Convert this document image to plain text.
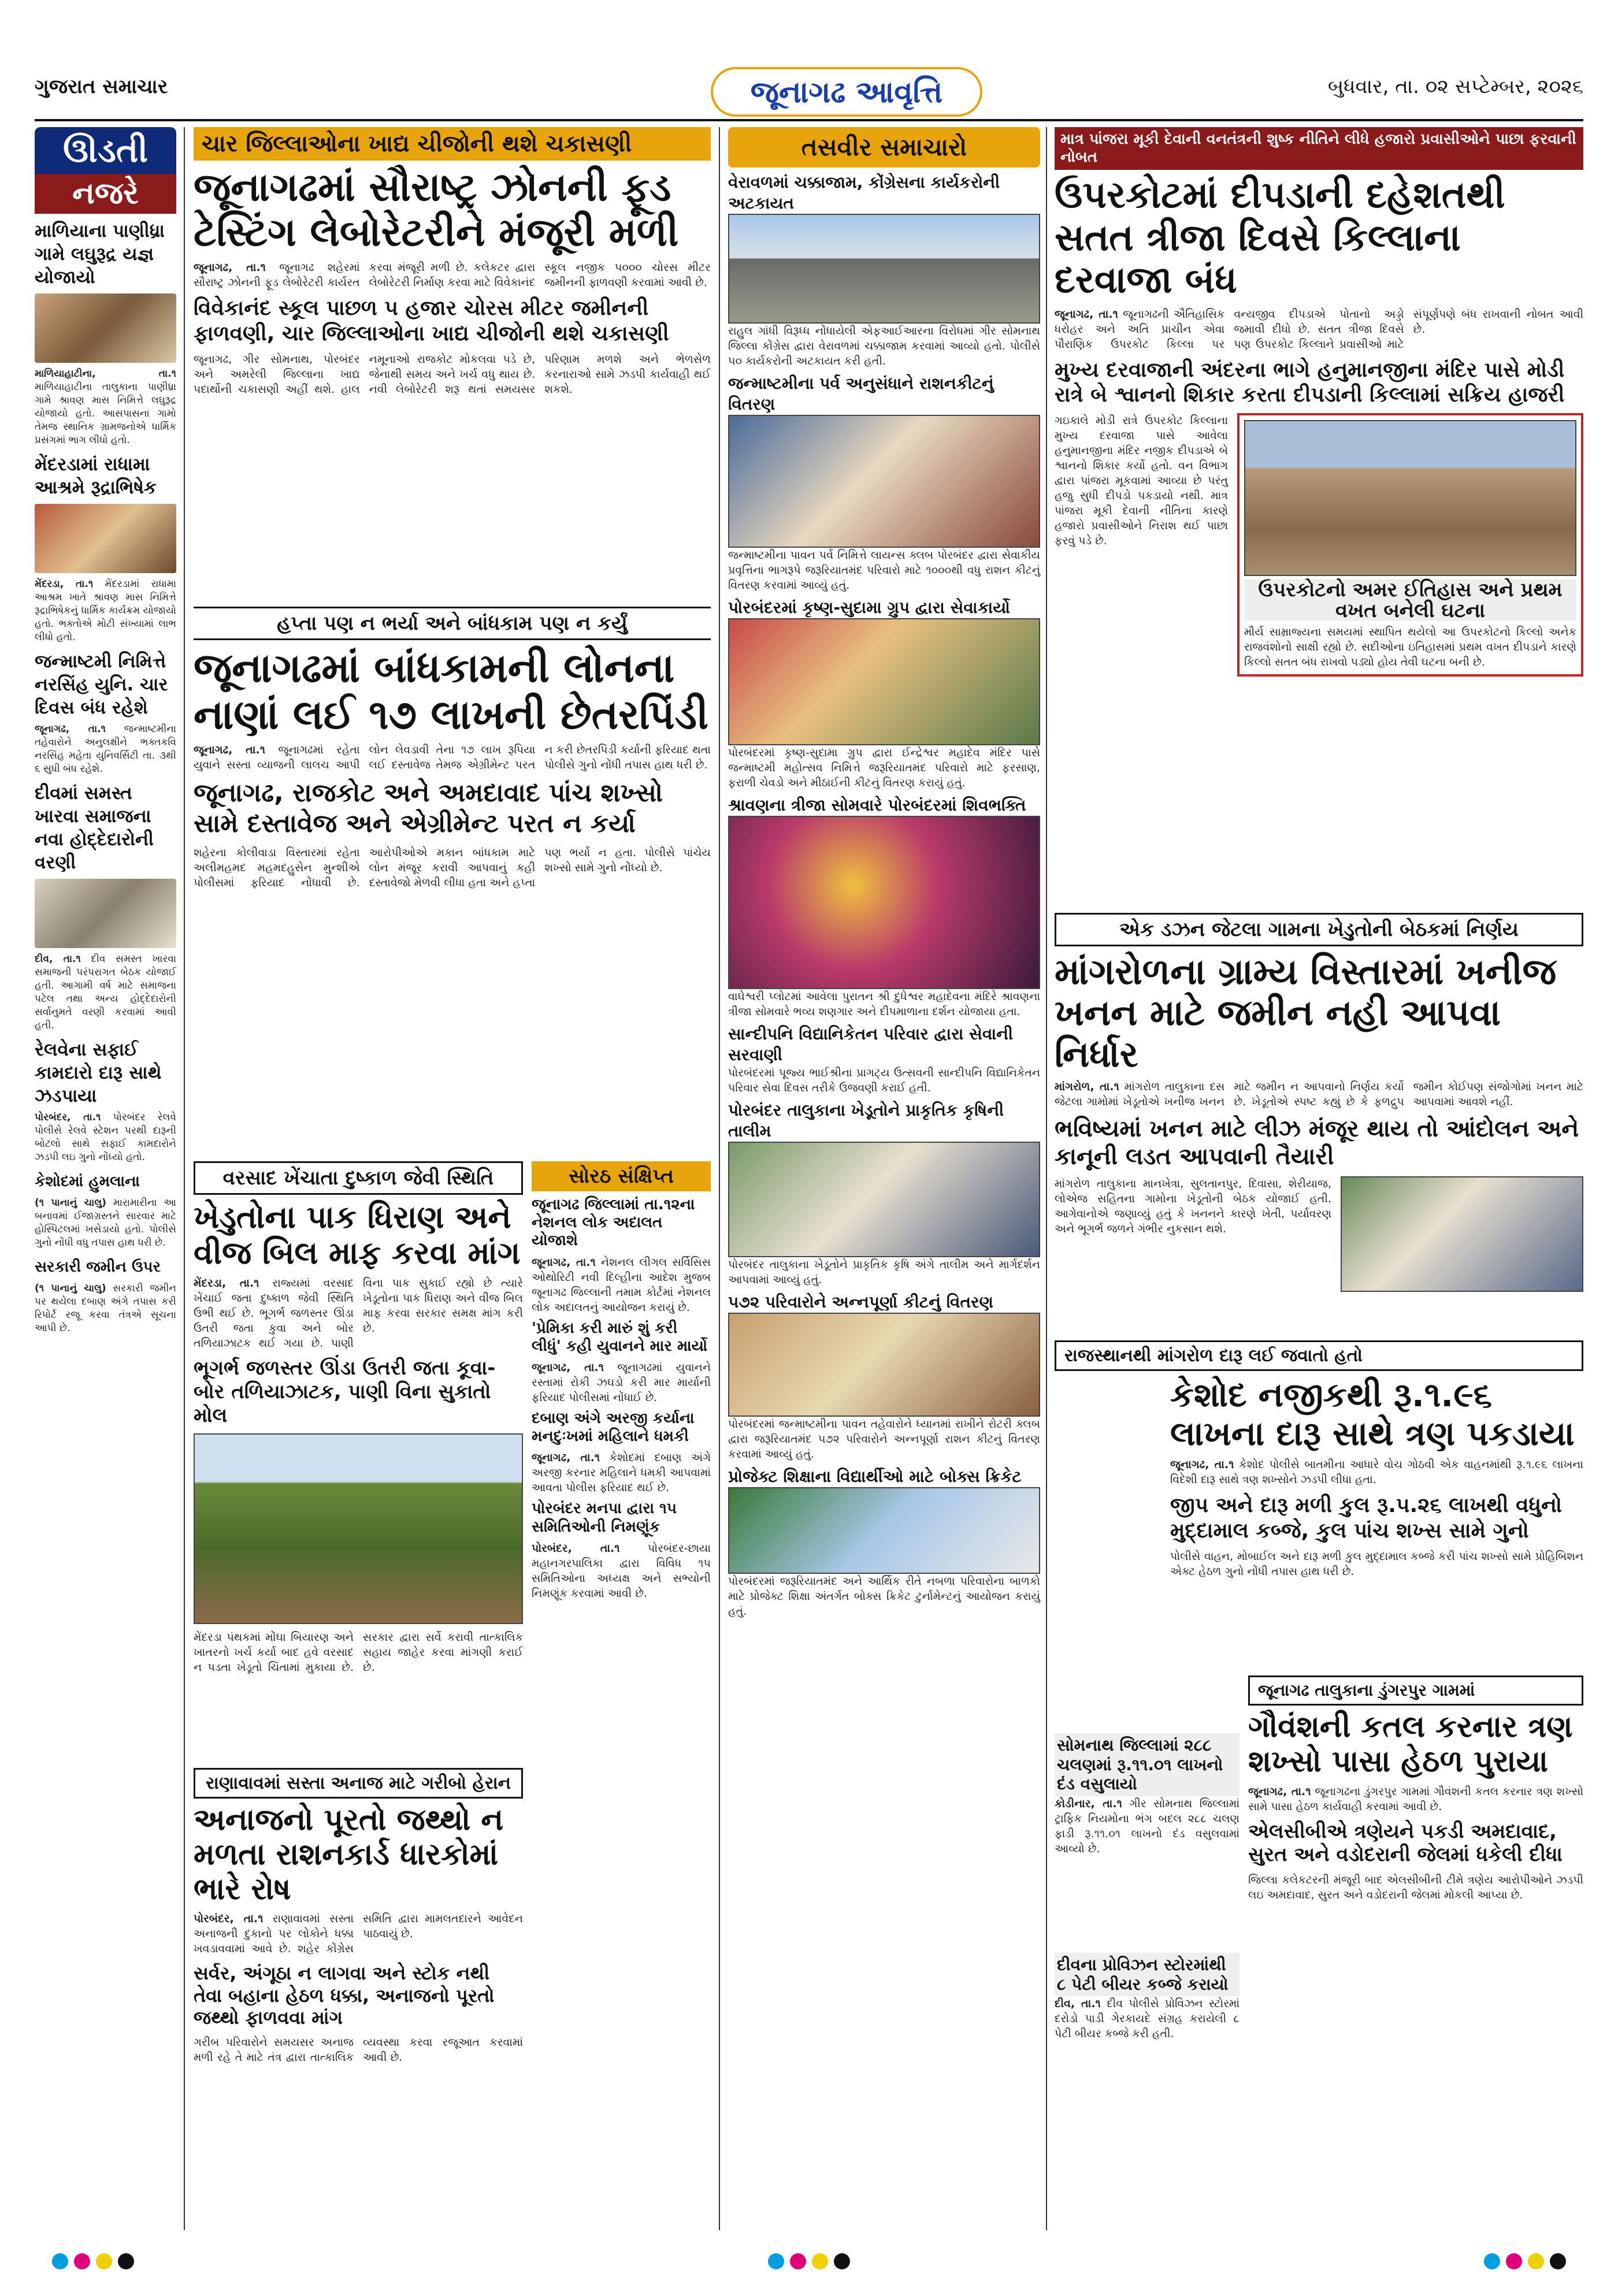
ગુજરાત સમાચાર	જૂનાગઢ આવૃત્તિ	બુધવાર, તા. ૦૨ સપ્ટેમ્બર, ૨૦૨૬
ઊડતી
નજરે
માળિયાના પાણીધ્રા ગામે લઘુરૂદ્ર યજ્ઞ યોજાયો
માળિયાહાટીના, તા.૧ માળિયાહાટીના તાલુકાના પાણીધ્રા ગામે શ્રાવણ માસ નિમિત્તે લઘુરૂદ્ર યોજાયો હતો. આસપાસના ગામો તેમજ સ્થાનિક ગ્રામજનોએ ધાર્મિક પ્રસંગમાં ભાગ લીધો હતો.
મેંદરડામાં રાધામા આશ્રમે રૂદ્રાભિષેક
મેંદરડા, તા.૧ મેંદરડામાં રાધામા આશ્રમ ખાતે શ્રાવણ માસ નિમિત્તે રૂદ્રાભિષેકનું ધાર્મિક કાર્યક્રમ યોજાયો હતો. ભક્તોએ મોટી સંખ્યામાં લાભ લીધો હતો.
જન્માષ્ટમી નિમિત્તે નરસિંહ યુનિ. ચાર દિવસ બંધ રહેશે
જૂનાગઢ, તા.૧ જન્માષ્ટમીના તહેવારોને અનુલક્ષીને ભક્તકવિ નરસિંહ મહેતા યુનિવર્સિટી તા. ૩થી ૬ સુધી બંધ રહેશે.
દીવમાં સમસ્ત ખારવા સમાજના નવા હોદ્દેદારોની વરણી
દીવ, તા.૧ દીવ સમસ્ત ખારવા સમાજની પરંપરાગત બેઠક યોજાઈ હતી. આગામી વર્ષ માટે સમાજના પટેલ તથા અન્ય હોદ્દેદારોની સર્વાનુમતે વરણી કરવામાં આવી હતી.
રેલવેના સફાઈ કામદારો દારૂ સાથે ઝડપાયા
પોરબંદર, તા.૧ પોરબંદર રેલવે પોલીસે રેલવે સ્ટેશન પરથી દારૂની બોટલો સાથે સફાઈ કામદારોને ઝડપી લઇ ગુનો નોંધ્યો હતો.
કેશોદમાં હુમલાના
(૧ પાનાનું ચાલુ) મારામારીના આ બનાવમાં ઈજાગ્રસ્તને સારવાર માટે હોસ્પિટલમાં ખસેડાયો હતો. પોલીસે ગુનો નોંધી વધુ તપાસ હાથ ધરી છે.
સરકારી જમીન ઉપર
(૧ પાનાનું ચાલુ) સરકારી જમીન પર થયેલા દબાણ અંગે તપાસ કરી રિપોર્ટ રજૂ કરવા તંત્રએ સૂચના આપી છે.
ચાર જિલ્લાઓના ખાદ્ય ચીજોની થશે ચકાસણી
જૂનાગઢમાં સૌરાષ્ટ્ર ઝોનની ફૂડ ટેસ્ટિંગ લેબોરેટરીને મંજૂરી મળી
જૂનાગઢ, તા.૧ જૂનાગઢ શહેરમાં સૌરાષ્ટ્ર ઝોનની ફૂડ લેબોરેટરી કાર્યરત કરવા મંજૂરી મળી છે. કલેકટર દ્વારા લેબોરેટરી નિર્માણ કરવા માટે વિવેકાનંદ સ્કૂલ નજીક ૫૦૦૦ ચોરસ મીટર જમીનની ફાળવણી કરવામાં આવી છે.
વિવેકાનંદ સ્કૂલ પાછળ ૫ હજાર ચોરસ મીટર જમીનની ફાળવણી, ચાર જિલ્લાઓના ખાદ્ય ચીજોની થશે ચકાસણી
જૂનાગઢ, ગીર સોમનાથ, પોરબંદર અને અમરેલી જિલ્લાના ખાદ્ય પદાર્થોની ચકાસણી અહીં થશે. હાલ નમૂનાઓ રાજકોટ મોકલવા પડે છે, જેનાથી સમય અને ખર્ચ વધુ થાય છે. નવી લેબોરેટરી શરૂ થતાં સમયસર પરિણામ મળશે અને ભેળસેળ કરનારાઓ સામે ઝડપી કાર્યવાહી થઈ શકશે.
હપ્તા પણ ન ભર્યા અને બાંધકામ પણ ન કર્યું
જૂનાગઢમાં બાંધકામની લોનના નાણાં લઈ ૧૭ લાખની છેતરપિંડી
જૂનાગઢ, તા.૧ જૂનાગઢમાં રહેતા યુવાને સસ્તા વ્યાજની લાલચ આપી લોન લેવડાવી તેના ૧૭ લાખ રૂપિયા લઈ દસ્તાવેજ તેમજ એગ્રીમેન્ટ પરત ન કરી છેતરપિંડી કર્યાની ફરિયાદ થતા પોલીસે ગુનો નોંધી તપાસ હાથ ધરી છે.
જૂનાગઢ, રાજકોટ અને અમદાવાદ પાંચ શખ્સો સામે દસ્તાવેજ અને એગ્રીમેન્ટ પરત ન કર્યા
શહેરના કોલીવાડા વિસ્તારમાં રહેતા અલીમહમદ મહમદહુસેન મુન્શીએ પોલીસમાં ફરિયાદ નોંધાવી છે. આરોપીઓએ મકાન બાંધકામ માટે લોન મંજૂર કરાવી આપવાનું કહી દસ્તાવેજો મેળવી લીધા હતા અને હપ્તા પણ ભર્યા ન હતા. પોલીસે પાંચેય શખ્સો સામે ગુનો નોંધ્યો છે.
વરસાદ ખેંચાતા દુષ્કાળ જેવી સ્થિતિ
ખેડુતોના પાક ધિરાણ અને વીજ બિલ માફ કરવા માંગ
મેંદરડા, તા.૧ રાજ્યમાં વરસાદ ખેંચાઈ જતા દુષ્કાળ જેવી સ્થિતિ ઉભી થઈ છે. ભૂગર્ભ જળસ્તર ઊંડા ઉતરી જતા કુવા અને બોર તળિયાઝાટક થઈ ગયા છે. પાણી વિના પાક સુકાઈ રહ્યો છે ત્યારે ખેડૂતોના પાક ધિરાણ અને વીજ બિલ માફ કરવા સરકાર સમક્ષ માંગ કરી છે.
ભૂગર્ભ જળસ્તર ઊંડા ઉતરી જતા કૂવા-બોર તળિયાઝાટક, પાણી વિના સુકાતો મોલ
મેંદરડા પંથકમાં મોંઘા બિયારણ અને ખાતરનો ખર્ચ કર્યા બાદ હવે વરસાદ ન પડતા ખેડૂતો ચિંતામાં મુકાયા છે. સરકાર દ્વારા સર્વે કરાવી તાત્કાલિક સહાય જાહેર કરવા માંગણી કરાઈ છે.
સોરઠ સંક્ષિપ્ત
જૂનાગઢ જિલ્લામાં તા.૧૨ના નેશનલ લોક અદાલત યોજાશે
જૂનાગઢ, તા.૧ નેશનલ લીગલ સર્વિસિસ ઓથોરિટી નવી દિલ્હીના આદેશ મુજબ જૂનાગઢ જિલ્લાની તમામ કોર્ટમાં નેશનલ લોક અદાલતનું આયોજન કરાયું છે.
'પ્રેમિકા કરી મારું શું કરી લીધું' કહી યુવાનને માર માર્યો
જૂનાગઢ, તા.૧ જૂનાગઢમાં યુવાનને રસ્તામાં રોકી ઝઘડો કરી માર માર્યાની ફરિયાદ પોલીસમાં નોંધાઈ છે.
દબાણ અંગે અરજી કર્યાના મનદુઃખમાં મહિલાને ધમકી
જૂનાગઢ, તા.૧ કેશોદમાં દબાણ અંગે અરજી કરનાર મહિલાને ધમકી આપવામાં આવતા પોલીસ ફરિયાદ થઈ છે.
પોરબંદર મનપા દ્વારા ૧૫ સમિતિઓની નિમણૂંક
પોરબંદર, તા.૧	પોરબંદર-છાયા મહાનગરપાલિકા દ્વારા વિવિધ ૧૫ સમિતિઓના અધ્યક્ષ અને સભ્યોની નિમણૂંક કરવામાં આવી છે.
રાણાવાવમાં સસ્તા અનાજ માટે ગરીબો હેરાન
અનાજનો પૂરતો જથ્થો ન મળતા રાશનકાર્ડ ધારકોમાં ભારે રોષ
પોરબંદર, તા.૧ રાણાવાવમાં સસ્તા અનાજની દુકાનો પર લોકોને ધક્કા ખવડાવવામાં આવે છે. શહેર કોંગ્રેસ સમિતિ દ્વારા મામલતદારને આવેદન પાઠવાયું છે.
સર્વર, અંગૂઠા ન લાગવા અને સ્ટોક નથી તેવા બહાના હેઠળ ધક્કા, અનાજનો પૂરતો જથ્થો ફાળવવા માંગ
ગરીબ પરિવારોને સમયસર અનાજ મળી રહે તે માટે તંત્ર દ્વારા તાત્કાલિક વ્યવસ્થા કરવા રજૂઆત કરવામાં આવી છે.
તસવીર સમાચારો
વેરાવળમાં ચક્કાજામ, કોંગ્રેસના કાર્યકરોની અટકાયત
રાહુલ ગાંધી વિરૂધ્ધ નોંધાયેલી એફઆઈઆરના વિરોધમાં ગીર સોમનાથ જિલ્લા કોંગ્રેસ દ્વારા વેરાવળમાં ચક્કાજામ કરવામાં આવ્યો હતો. પોલીસે ૫૦ કાર્યકરોની અટકાયત કરી હતી.
જન્માષ્ટમીના પર્વ અનુસંધાને રાશનકીટનું વિતરણ
જન્માષ્ટમીના પાવન પર્વ નિમિત્તે લાયન્સ ક્લબ પોરબંદર દ્વારા સેવાકીય પ્રવૃત્તિના ભાગરૂપે જરૂરિયાતમંદ પરિવારો માટે ૧૦૦૦થી વધુ રાશન કીટનું વિતરણ કરવામાં આવ્યું હતું.
પોરબંદરમાં કૃષ્ણ-સુદામા ગ્રુપ દ્વારા સેવાકાર્યો
પોરબંદરમાં કૃષ્ણ-સુદામા ગ્રુપ દ્વારા ઈન્દ્રેશ્વર મહાદેવ મંદિર પાસે જન્માષ્ટમી મહોત્સવ નિમિત્તે જરૂરિયાતમંદ પરિવારો માટે ફરસાણ, ફરાળી ચેવડો અને મીઠાઈની કીટનું વિતરણ કરાયું હતું.
શ્રાવણના ત્રીજા સોમવારે પોરબંદરમાં શિવભક્તિ
વાઘેશ્વરી પ્લોટમાં આવેલા પુરાતન શ્રી દુધેશ્વર મહાદેવના મંદિરે શ્રાવણના ત્રીજા સોમવારે ભવ્ય શણગાર અને દીપમાળાના દર્શન યોજાયા હતા.
સાન્દીપનિ વિદ્યાનિકેતન પરિવાર દ્વારા સેવાની સરવાણી
પોરબંદરમાં પૂજ્ય ભાઈશ્રીના પ્રાગટ્ય ઉત્સવની સાન્દીપનિ વિદ્યાનિકેતન પરિવાર સેવા દિવસ તરીકે ઉજવણી કરાઈ હતી.
પોરબંદર તાલુકાના ખેડૂતોને પ્રાકૃતિક કૃષિની તાલીમ
પોરબંદર તાલુકાના ખેડૂતોને પ્રાકૃતિક કૃષિ અંગે તાલીમ અને માર્ગદર્શન આપવામાં આવ્યું હતું.
૫૭૨ પરિવારોને અન્નપૂર્ણા કીટનું વિતરણ
પોરબંદરમાં જન્માષ્ટમીના પાવન તહેવારોને ધ્યાનમાં રાખીને રોટરી ક્લબ દ્વારા જરૂરિયાતમંદ ૫૭૨ પરિવારોને અન્નપૂર્ણા રાશન કીટનું વિતરણ કરવામાં આવ્યું હતું.
પ્રોજેક્ટ શિક્ષાના વિદ્યાર્થીઓ માટે બોક્સ ક્રિકેટ
પોરબંદરમાં જરૂરિયાતમંદ અને આર્થિક રીતે નબળા પરિવારોના બાળકો માટે પ્રોજેક્ટ શિક્ષા અંતર્ગત બોક્સ ક્રિકેટ ટુર્નામેન્ટનું આયોજન કરાયું હતું.
માત્ર પાંજરા મૂકી દેવાની વનતંત્રની શુષ્ક નીતિને લીધે હજારો પ્રવાસીઓને પાછા ફરવાની નોબત
ઉપરકોટમાં દીપડાની દહેશતથી સતત ત્રીજા દિવસે કિલ્લાના દરવાજા બંધ
જૂનાગઢ, તા.૧ જૂનાગઢની ઐતિહાસિક ધરોહર અને અતિ પ્રાચીન એવા પૌરાણિક ઉપરકોટ કિલ્લા પર વન્યજીવ દીપડાએ પોતાનો અડ્ડો જમાવી દીધો છે. સતત ત્રીજા દિવસે પણ ઉપરકોટ કિલ્લાને પ્રવાસીઓ માટે સંપૂર્ણપણે બંધ રાખવાની નોબત આવી છે.
મુખ્ય દરવાજાની અંદરના ભાગે હનુમાનજીના મંદિર પાસે મોડી રાત્રે બે શ્વાનનો શિકાર કરતા દીપડાની કિલ્લામાં સક્રિય હાજરી
ગઇકાલે મોડી રાત્રે ઉપરકોટ કિલ્લાના મુખ્ય દરવાજા પાસે આવેલા હનુમાનજીના મંદિર નજીક દીપડાએ બે શ્વાનનો શિકાર કર્યો હતો. વન વિભાગ દ્વારા પાંજરા મૂકવામાં આવ્યા છે પરંતુ હજુ સુધી દીપડો પકડાયો નથી. માત્ર પાંજરા મૂકી દેવાની નીતિના કારણે હજારો પ્રવાસીઓને નિરાશ થઈ પાછા ફરવું પડે છે.
ઉપરકોટનો અમર ઈતિહાસ અને પ્રથમ વખત બનેલી ઘટના
મૌર્ય સામ્રાજ્યના સમયમાં સ્થાપિત થયેલો આ ઉપરકોટનો કિલ્લો અનેક રાજવંશોનો સાક્ષી રહ્યો છે. સદીઓના ઇતિહાસમાં પ્રથમ વખત દીપડાને કારણે કિલ્લો સતત બંધ રાખવો પડ્યો હોય તેવી ઘટના બની છે.
એક ડઝન જેટલા ગામના ખેડુતોની બેઠકમાં નિર્ણય
માંગરોળના ગ્રામ્ય વિસ્તારમાં ખનીજ ખનન માટે જમીન નહી આપવા નિર્ધાર
માંગરોળ, તા.૧ માંગરોળ તાલુકાના દસ જેટલા ગામોમાં ખેડૂતોએ ખનીજ ખનન માટે જમીન ન આપવાનો નિર્ણય કર્યો છે. ખેડૂતોએ સ્પષ્ટ કહ્યું છે કે ફળદ્રુપ જમીન કોઈપણ સંજોગોમાં ખનન માટે આપવામાં આવશે નહીં.
ભવિષ્યમાં ખનન માટે લીઝ મંજૂર થાય તો આંદોલન અને કાનૂની લડત આપવાની તૈયારી
માંગરોળ તાલુકાના માનખેત્રા, સુલતાનપુર, દિવાસા, શેરીયાજ, લોએજ સહિતના ગામોના ખેડૂતોની બેઠક યોજાઈ હતી. આગેવાનોએ જણાવ્યું હતું કે ખનનને કારણે ખેતી, પર્યાવરણ અને ભૂગર્ભ જળને ગંભીર નુકસાન થશે.
રાજસ્થાનથી માંગરોળ દારૂ લઈ જવાતો હતો
કેશોદ નજીકથી રૂ.૧.૯૬ લાખના દારૂ સાથે ત્રણ પકડાયા
જૂનાગઢ, તા.૧ કેશોદ પોલીસે બાતમીના આધારે વોચ ગોઠવી એક વાહનમાંથી રૂ.૧.૯૬ લાખના વિદેશી દારૂ સાથે ત્રણ શખ્સોને ઝડપી લીધા હતા.
જીપ અને દારૂ મળી કુલ રૂ.૫.૨૬ લાખથી વધુનો મુદ્દામાલ કબ્જે, કુલ પાંચ શખ્સ સામે ગુનો
પોલીસે વાહન, મોબાઈલ અને દારૂ મળી કુલ મુદ્દામાલ કબ્જે કરી પાંચ શખ્સો સામે પ્રોહિબિશન એક્ટ હેઠળ ગુનો નોંધી તપાસ હાથ ધરી છે.
સોમનાથ જિલ્લામાં ૨૮૮ ચલણમાં રૂ.૧૧.૦૧ લાખનો દંડ વસુલાયો
કોડીનાર, તા.૧ ગીર સોમનાથ જિલ્લામાં ટ્રાફિક નિયમોના ભંગ બદલ ૨૮૮ ચલણ ફાડી રૂ.૧૧.૦૧ લાખનો દંડ વસુલવામાં આવ્યો છે.
દીવના પ્રોવિઝન સ્ટોરમાંથી ૮ પેટી બીયર કબ્જે કરાયો
દીવ, તા.૧ દીવ પોલીસે પ્રોવિઝન સ્ટોરમાં દરોડો પાડી ગેરકાયદે સંગ્રહ કરાયેલી ૮ પેટી બીયર કબ્જે કરી હતી.
જૂનાગઢ તાલુકાના ડુંગરપુર ગામમાં
ગૌવંશની કતલ કરનાર ત્રણ શખ્સો પાસા હેઠળ પુરાયા
જૂનાગઢ, તા.૧ જૂનાગઢના ડુંગરપુર ગામમાં ગૌવંશની કતલ કરનાર ત્રણ શખ્સો સામે પાસા હેઠળ કાર્યવાહી કરવામાં આવી છે.
એલસીબીએ ત્રણેયને પકડી અમદાવાદ, સુરત અને વડોદરાની જેલમાં ધકેલી દીધા
જિલ્લા કલેકટરની મંજૂરી બાદ એલસીબીની ટીમે ત્રણેય આરોપીઓને ઝડપી લઇ અમદાવાદ, સુરત અને વડોદરાની જેલમાં મોકલી આપ્યા છે.
